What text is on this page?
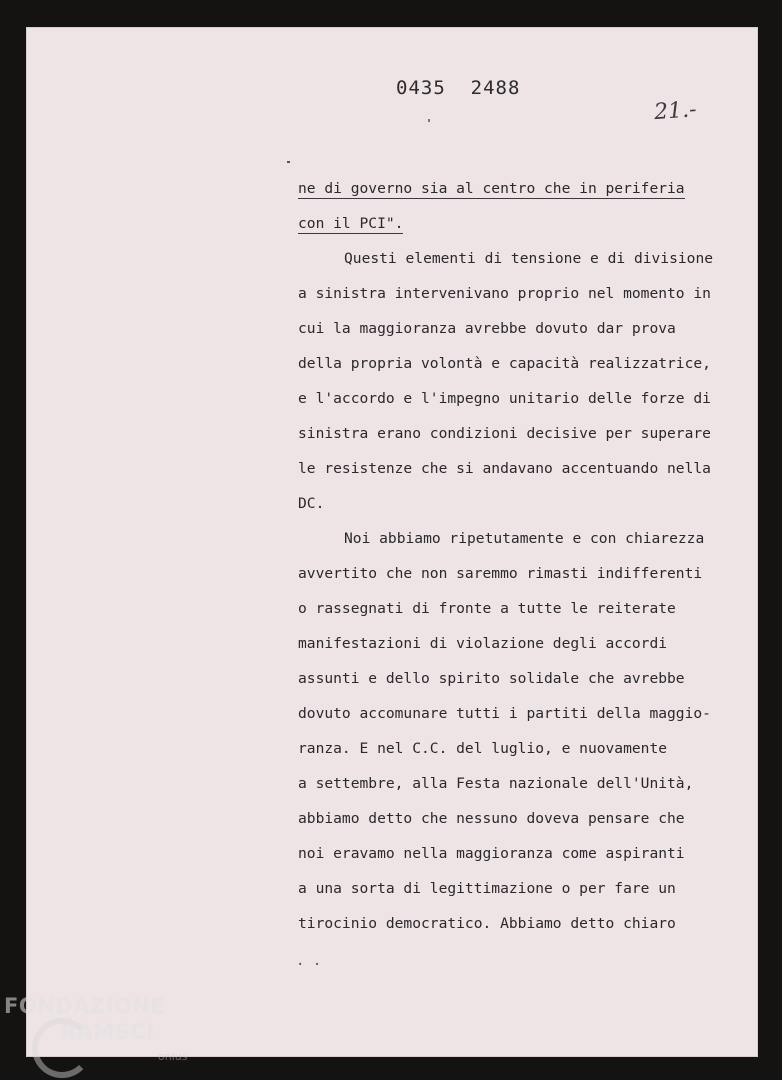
0435  2488
21.-
ne di governo sia al centro che in periferia
con il PCI".
Questi elementi di tensione e di divisione
a sinistra intervenivano proprio nel momento in
cui la maggioranza avrebbe dovuto dar prova
della propria volontà e capacità realizzatrice,
e l'accordo e l'impegno unitario delle forze di
sinistra erano condizioni decisive per superare
le resistenze che si andavano accentuando nella
DC.
Noi abbiamo ripetutamente e con chiarezza
avvertito che non saremmo rimasti indifferenti
o rassegnati di fronte a tutte le reiterate
manifestazioni di violazione degli accordi
assunti e dello spirito solidale che avrebbe
dovuto accomunare tutti i partiti della maggio-
ranza. E nel C.C. del luglio, e nuovamente
a settembre, alla Festa nazionale dell'Unità,
abbiamo detto che nessuno doveva pensare che
noi eravamo nella maggioranza come aspiranti
a una sorta di legittimazione o per fare un
tirocinio democratico. Abbiamo detto chiaro
. .
FONDAZIONE
RAMSCI
onlus
